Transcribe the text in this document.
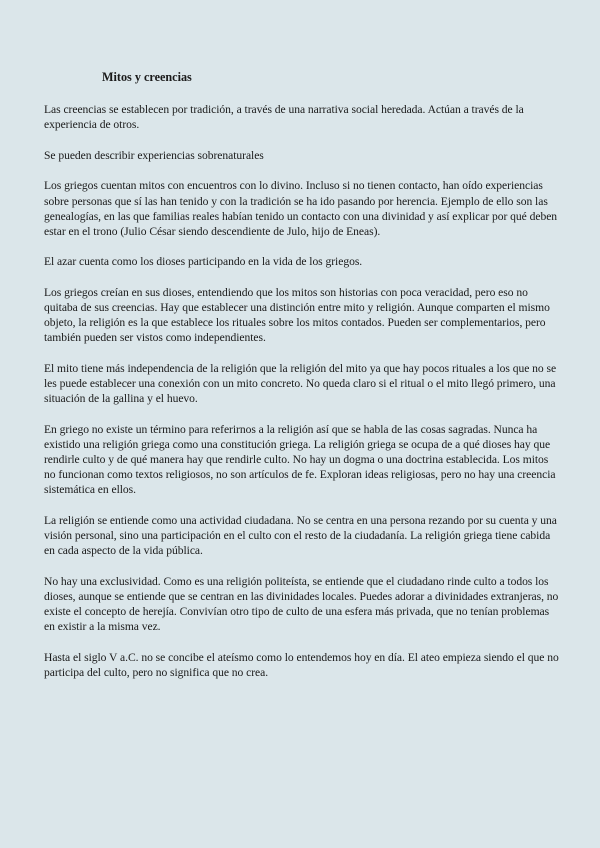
Mitos y creencias

Las creencias se establecen por tradición, a través de una narrativa social heredada. Actúan a través de la experiencia de otros.

Se pueden describir experiencias sobrenaturales

Los griegos cuentan mitos con encuentros con lo divino. Incluso si no tienen contacto, han oído experiencias sobre personas que sí las han tenido y con la tradición se ha ido pasando por herencia. Ejemplo de ello son las genealogías, en las que familias reales habían tenido un contacto con una divinidad y así explicar por qué deben estar en el trono (Julio César siendo descendiente de Julo, hijo de Eneas).

El azar cuenta como los dioses participando en la vida de los griegos.

Los griegos creían en sus dioses, entendiendo que los mitos son historias con poca veracidad, pero eso no quitaba de sus creencias. Hay que establecer una distinción entre mito y religión. Aunque comparten el mismo objeto, la religión es la que establece los rituales sobre los mitos contados. Pueden ser complementarios, pero también pueden ser vistos como independientes.

El mito tiene más independencia de la religión que la religión del mito ya que hay pocos rituales a los que no se les puede establecer una conexión con un mito concreto. No queda claro si el ritual o el mito llegó primero, una situación de la gallina y el huevo.

En griego no existe un término para referirnos a la religión así que se habla de las cosas sagradas. Nunca ha existido una religión griega como una constitución griega. La religión griega se ocupa de a qué dioses hay que rendirle culto y de qué manera hay que rendirle culto. No hay un dogma o una doctrina establecida. Los mitos no funcionan como textos religiosos, no son artículos de fe. Exploran ideas religiosas, pero no hay una creencia sistemática en ellos.

La religión se entiende como una actividad ciudadana. No se centra en una persona rezando por su cuenta y una visión personal, sino una participación en el culto con el resto de la ciudadanía. La religión griega tiene cabida en cada aspecto de la vida pública.

No hay una exclusividad. Como es una religión politeísta, se entiende que el ciudadano rinde culto a todos los dioses, aunque se entiende que se centran en las divinidades locales. Puedes adorar a divinidades extranjeras, no existe el concepto de herejía. Convivían otro tipo de culto de una esfera más privada, que no tenían problemas en existir a la misma vez.

Hasta el siglo V a.C. no se concibe el ateísmo como lo entendemos hoy en día. El ateo empieza siendo el que no participa del culto, pero no significa que no crea.
